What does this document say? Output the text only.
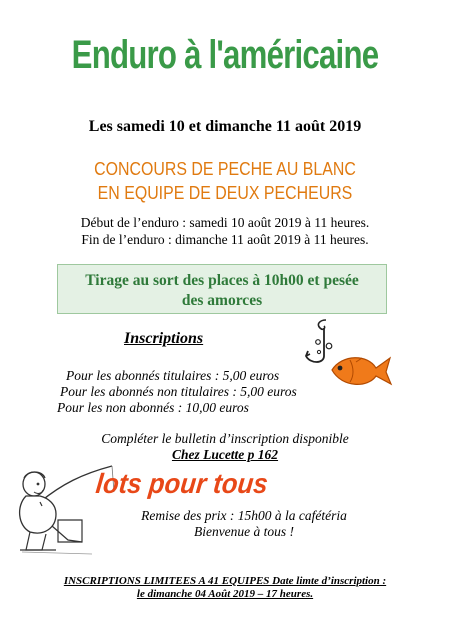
Enduro à l'américaine
Les samedi 10 et dimanche 11 août 2019
CONCOURS DE PECHE AU BLANC
EN EQUIPE DE DEUX PECHEURS
Début de l’enduro : samedi 10 août 2019 à 11 heures.
Fin de l’enduro : dimanche 11 août 2019 à 11 heures.
Tirage au sort des places à 10h00 et pesée
des amorces
Inscriptions
Pour les abonnés titulaires : 5,00 euros
Pour les abonnés non titulaires : 5,00 euros
Pour les non abonnés : 10,00 euros
Compléter le bulletin d’inscription disponible
Chez Lucette p 162
lots pour tous
Remise des prix : 15h00 à la cafétéria
Bienvenue à tous !
INSCRIPTIONS LIMITEES A 41 EQUIPES Date limte d’inscription :
le dimanche 04 Août 2019 – 17 heures.
